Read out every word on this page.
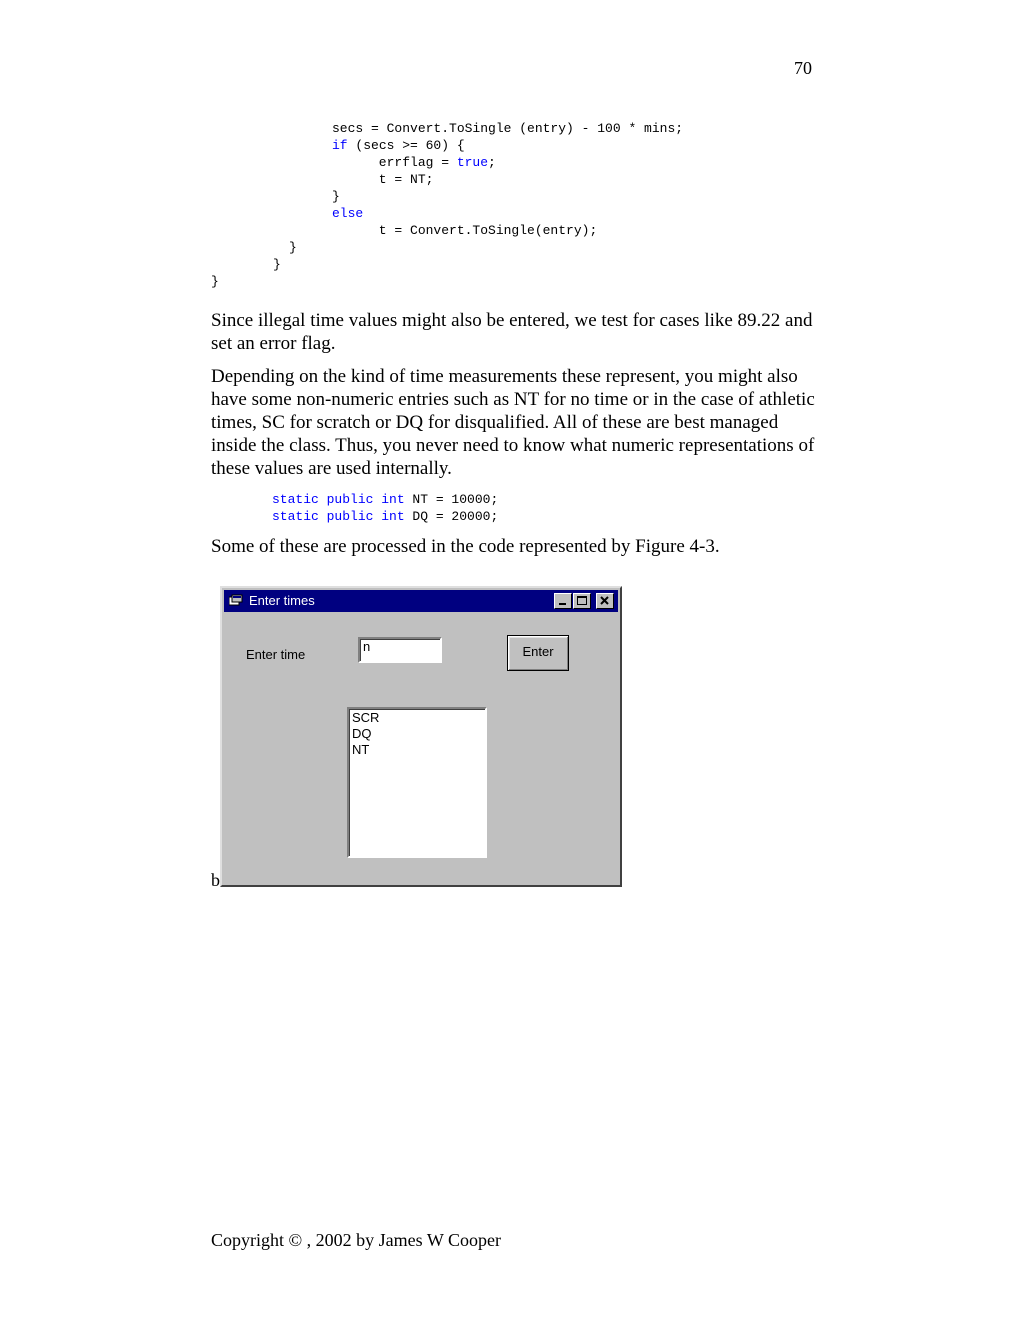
70
secs = Convert.ToSingle (entry) - 100 * mins;
if (secs >= 60) {
errflag = true;
t = NT;
}
else
t = Convert.ToSingle(entry);
}
}
}

Since illegal time values might also be entered, we test for cases like 89.22 and set an error flag.

Depending on the kind of time measurements these represent, you might also have some non-numeric entries such as NT for no time or in the case of athletic times, SC for scratch or DQ for disqualified. All of these are best managed inside the class. Thus, you never need to know what numeric representations of these values are used internally.

static public int NT = 10000;
static public int DQ = 20000;

Some of these are processed in the code represented by Figure 4-3.

b
Enter times
Enter time
n	Enter
SCR
DQ
NT
Copyright © , 2002 by James W Cooper
